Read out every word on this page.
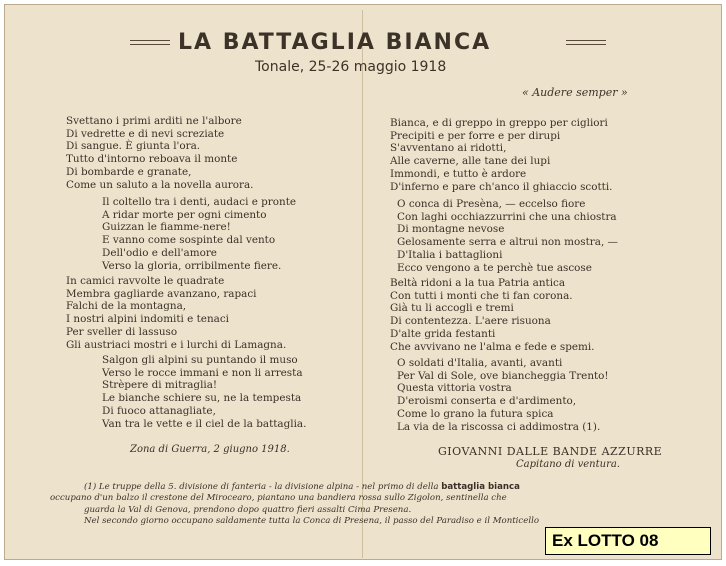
LA BATTAGLIA BIANCA
Tonale, 25-26 maggio 1918
« Audere semper »
Svettano i primi arditi ne l'albore
Di vedrette e di nevi screziate
Di sangue. È giunta l'ora.
Tutto d'intorno reboava il monte
Di bombarde e granate,
Come un saluto a la novella aurora.
Il coltello tra i denti, audaci e pronte
A ridar morte per ogni cimento
Guizzan le fiamme-nere!
E vanno come sospinte dal vento
Dell'odio e dell'amore
Verso la gloria, orribilmente fiere.
In camici ravvolte le quadrate
Membra gagliarde avanzano, rapaci
Falchi de la montagna,
I nostri alpini indomiti e tenaci
Per sveller di lassuso
Gli austriaci mostri e i lurchi di Lamagna.
Salgon gli alpini su puntando il muso
Verso le rocce immani e non li arresta
Strèpere di mitraglia!
Le bianche schiere su, ne la tempesta
Di fuoco attanagliate,
Van tra le vette e il ciel de la battaglia.
Bianca, e di greppo in greppo per cigliori
Precipiti e per forre e per dirupi
S'avventano ai ridotti,
Alle caverne, alle tane dei lupi
Immondi, e tutto è ardore
D'inferno e pare ch'anco il ghiaccio scotti.
O conca di Presèna, — eccelso fiore
Con laghi occhiazzurrini che una chiostra
Di montagne nevose
Gelosamente serra e altrui non mostra, —
D'Italia i battaglioni
Ecco vengono a te perchè tue ascose
Beltà ridoni a la tua Patria antica
Con tutti i monti che ti fan corona.
Già tu li accogli e tremi
Di contentezza. L'aere risuona
D'alte grida festanti
Che avvivano ne l'alma e fede e spemi.
O soldati d'Italia, avanti, avanti
Per Val di Sole, ove biancheggia Trento!
Questa vittoria vostra
D'eroismi conserta e d'ardimento,
Come lo grano la futura spica
La via de la riscossa ci addimostra (1).
Zona di Guerra, 2 giugno 1918.	GIOVANNI DALLE BANDE AZZURRE
Capitano di ventura.
(1) Le truppe della 5. divisione di fanteria - la divisione alpina - nel primo di della battaglia bianca
occupano d'un balzo il crestone del Mirocearo, piantano una bandiera rossa sullo Zigolon, sentinella che
guarda la Val di Genova, prendono dopo quattro fieri assalti Cima Presena.
Nel secondo giorno occupano saldamente tutta la Conca di Presena, il passo del Paradiso e il Monticello
Ex LOTTO 08
